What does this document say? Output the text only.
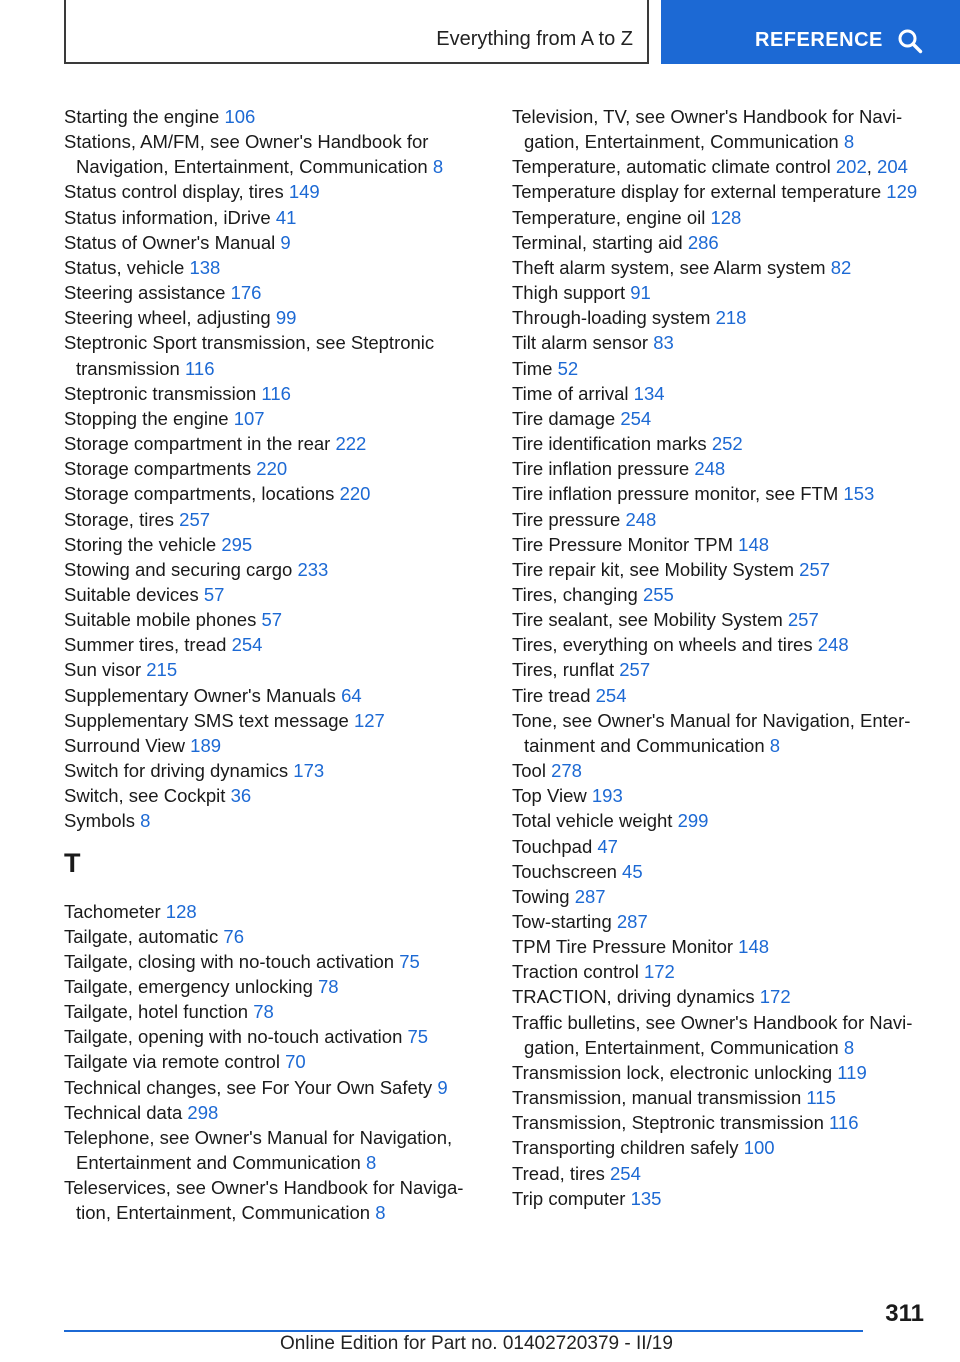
Everything from A to Z	REFERENCE
Starting the engine 106
Stations, AM/FM, see Owner's Handbook for Navigation, Entertainment, Communication 8
Status control display, tires 149
Status information, iDrive 41
Status of Owner's Manual 9
Status, vehicle 138
Steering assistance 176
Steering wheel, adjusting 99
Steptronic Sport transmission, see Steptronic transmission 116
Steptronic transmission 116
Stopping the engine 107
Storage compartment in the rear 222
Storage compartments 220
Storage compartments, locations 220
Storage, tires 257
Storing the vehicle 295
Stowing and securing cargo 233
Suitable devices 57
Suitable mobile phones 57
Summer tires, tread 254
Sun visor 215
Supplementary Owner's Manuals 64
Supplementary SMS text message 127
Surround View 189
Switch for driving dynamics 173
Switch, see Cockpit 36
Symbols 8
T
Tachometer 128
Tailgate, automatic 76
Tailgate, closing with no-touch activation 75
Tailgate, emergency unlocking 78
Tailgate, hotel function 78
Tailgate, opening with no-touch activation 75
Tailgate via remote control 70
Technical changes, see For Your Own Safety 9
Technical data 298
Telephone, see Owner's Manual for Navigation, Entertainment and Communication 8
Teleservices, see Owner's Handbook for Navigation, Entertainment, Communication 8
Television, TV, see Owner's Handbook for Navigation, Entertainment, Communication 8
Temperature, automatic climate control 202, 204
Temperature display for external temperature 129
Temperature, engine oil 128
Terminal, starting aid 286
Theft alarm system, see Alarm system 82
Thigh support 91
Through-loading system 218
Tilt alarm sensor 83
Time 52
Time of arrival 134
Tire damage 254
Tire identification marks 252
Tire inflation pressure 248
Tire inflation pressure monitor, see FTM 153
Tire pressure 248
Tire Pressure Monitor TPM 148
Tire repair kit, see Mobility System 257
Tires, changing 255
Tire sealant, see Mobility System 257
Tires, everything on wheels and tires 248
Tires, runflat 257
Tire tread 254
Tone, see Owner's Manual for Navigation, Entertainment and Communication 8
Tool 278
Top View 193
Total vehicle weight 299
Touchpad 47
Touchscreen 45
Towing 287
Tow-starting 287
TPM Tire Pressure Monitor 148
Traction control 172
TRACTION, driving dynamics 172
Traffic bulletins, see Owner's Handbook for Navigation, Entertainment, Communication 8
Transmission lock, electronic unlocking 119
Transmission, manual transmission 115
Transmission, Steptronic transmission 116
Transporting children safely 100
Tread, tires 254
Trip computer 135
311
Online Edition for Part no. 01402720379 - II/19
